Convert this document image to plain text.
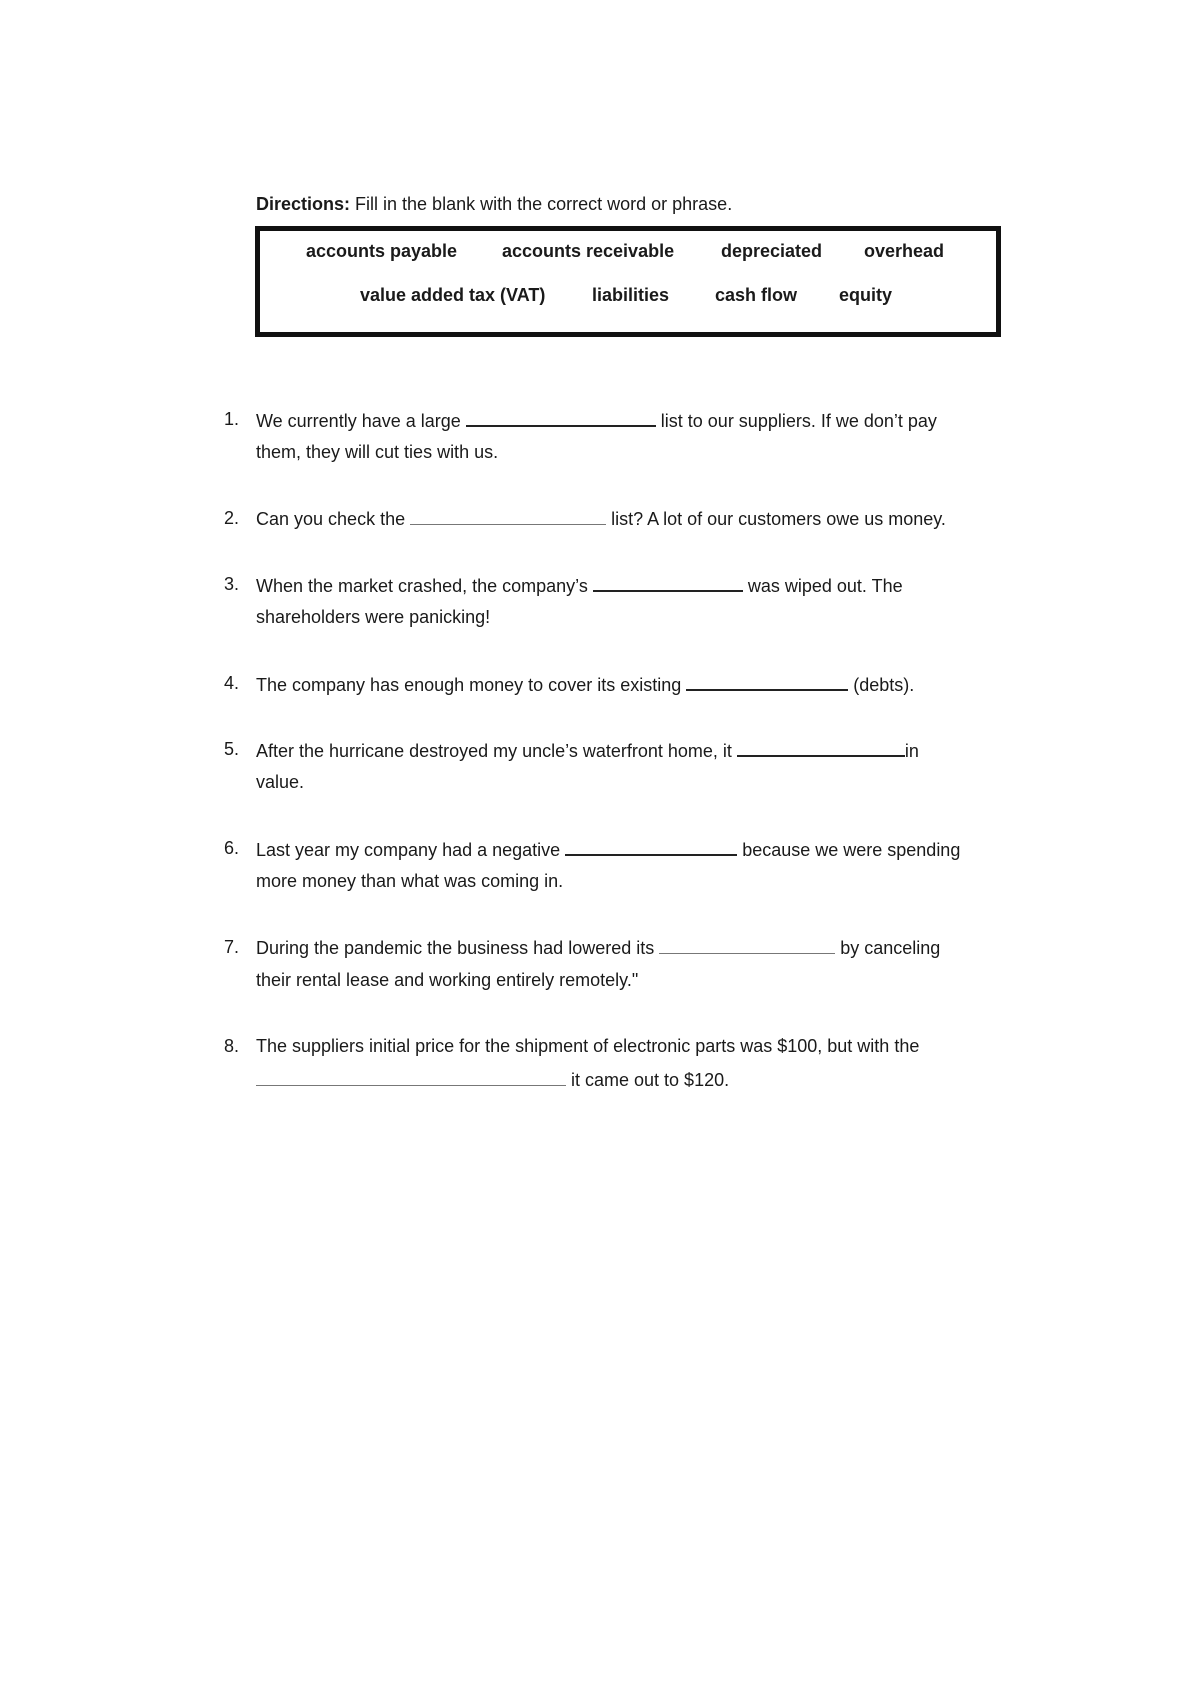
Directions: Fill in the blank with the correct word or phrase.
accounts payable accounts receivable	depreciated overhead
value added tax (VAT)	liabilities	cash flow equity
1. We currently have a large	list to our suppliers. If we don’t pay
them, they will cut ties with us.
2. Can you check the	list? A lot of our customers owe us money.
3. When the market crashed, the company’s	was wiped out. The
shareholders were panicking!
4. The company has enough money to cover its existing	(debts).
5. After the hurricane destroyed my uncle’s waterfront home, it	in
value.
6. Last year my company had a negative	because we were spending
more money than what was coming in.
7. During the pandemic the business had lowered its	by canceling
their rental lease and working entirely remotely."
8. The suppliers initial price for the shipment of electronic parts was $100, but with the
it came out to $120.
